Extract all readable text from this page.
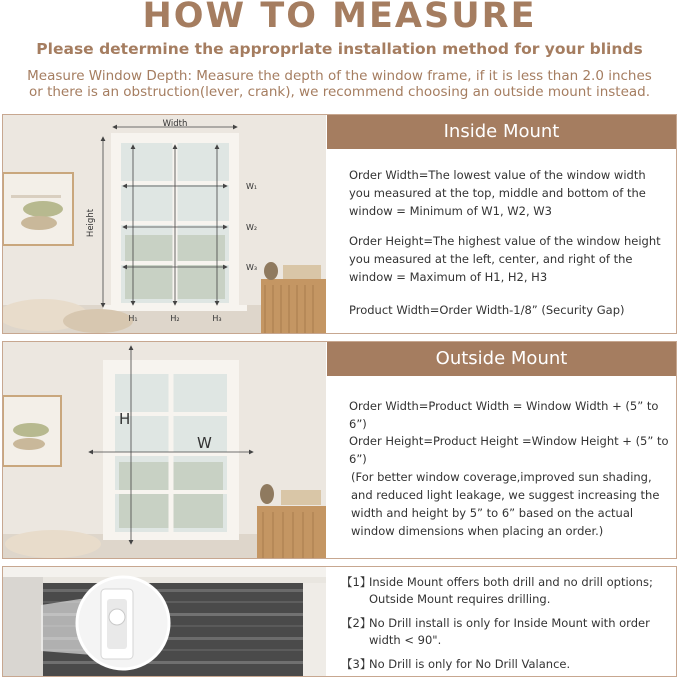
HOW TO MEASURE
Please determine the approprlate installation method for your blinds
Measure Window Depth: Measure the depth of the window frame, if it is less than 2.0 inches
or there is an obstruction(lever, crank), we recommend choosing an outside mount instead.
Width
Height
W₁
W₂
W₃
H₁	H₂	H₃
Inside Mount
Order Width=The lowest value of the window width
you measured at the top, middle and bottom of the
window = Minimum of W1, W2, W3
Order Height=The highest value of the window height
you measured at the left, center, and right of the
window = Maximum of H1, H2, H3
Product Width=Order Width-1/8” (Security Gap)
H
W
Outside Mount
Order Width=Product Width = Window Width + (5” to 6”)
Order Height=Product Height =Window Height + (5” to 6”)
(For better window coverage,improved sun shading,
and reduced light leakage, we suggest increasing the
width and height by 5” to 6” based on the actual
window dimensions when placing an order.)
【1】
Inside Mount offers both drill and no drill options;
Outside Mount requires drilling.
【2】
No Drill install is only for Inside Mount with order
width < 90".
【3】
No Drill is only for No Drill Valance.
